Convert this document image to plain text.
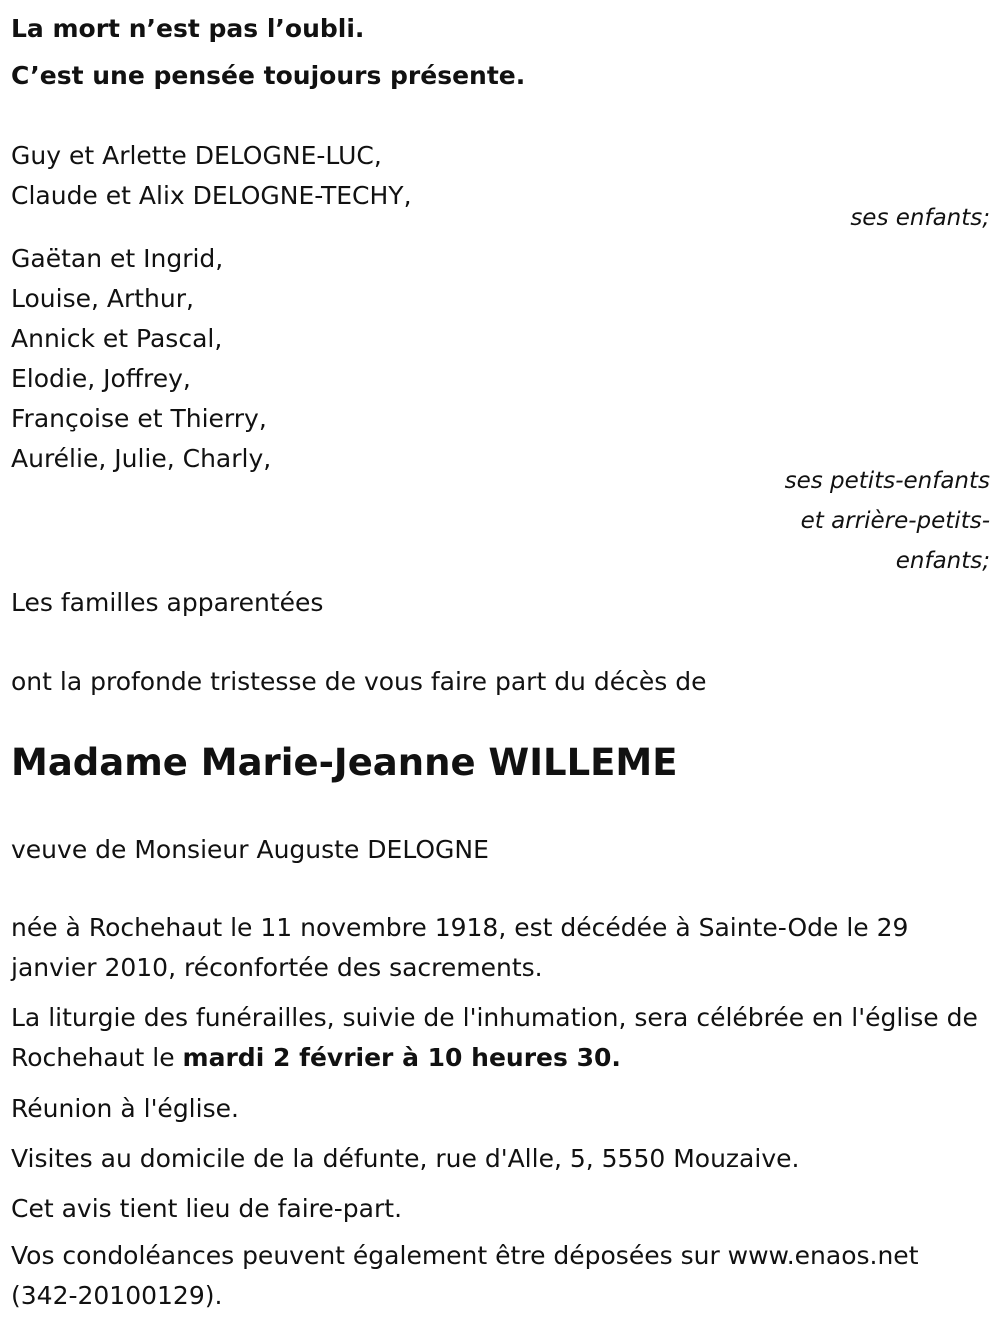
La mort n’est pas l’oubli.
C’est une pensée toujours présente.
Guy et Arlette DELOGNE-LUC,
Claude et Alix DELOGNE-TECHY,
ses enfants;
Gaëtan et Ingrid,
Louise, Arthur,
Annick et Pascal,
Elodie, Joffrey,
Françoise et Thierry,
Aurélie, Julie, Charly,
ses petits-enfants
et arrière-petits-
enfants;
Les familles apparentées
ont la profonde tristesse de vous faire part du décès de
Madame Marie-Jeanne WILLEME
veuve de Monsieur Auguste DELOGNE
née à Rochehaut le 11 novembre 1918, est décédée à Sainte-Ode le 29 janvier 2010, réconfortée des sacrements.
La liturgie des funérailles, suivie de l'inhumation, sera célébrée en l'église de Rochehaut le mardi 2 février à 10 heures 30.
Réunion à l'église.
Visites au domicile de la défunte, rue d'Alle, 5, 5550 Mouzaive.
Cet avis tient lieu de faire-part.
Vos condoléances peuvent également être déposées sur www.enaos.net (342-20100129).
